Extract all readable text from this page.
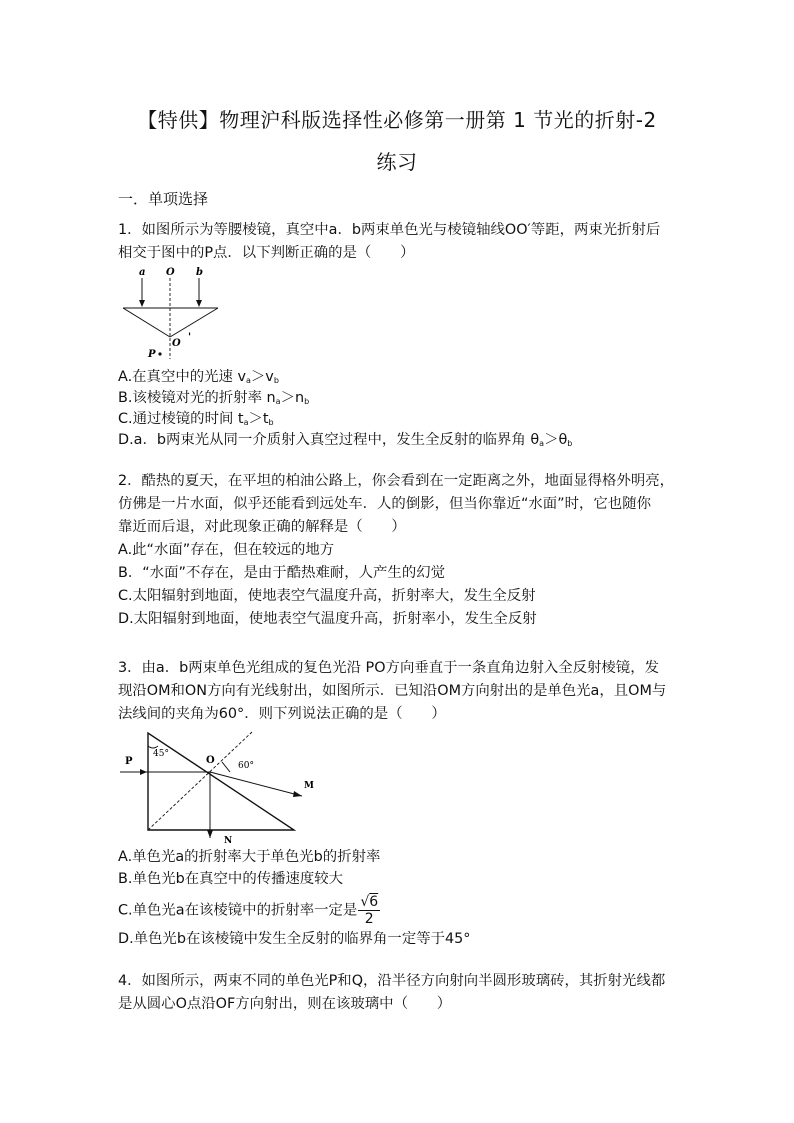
【特供】物理沪科版选择性必修第一册第 1 节光的折射-2
练习
一．单项选择
1．如图所示为等腰棱镜，真空中a．b两束单色光与棱镜轴线OO′等距，两束光折射后
相交于图中的P点．以下判断正确的是（　　）
a O b
O
'
P
A.在真空中的光速 $v_a>v_b$
B.该棱镜对光的折射率 $n_a>n_b$
C.通过棱镜的时间 $t_a>t_b$
D.a．b两束光从同一介质射入真空过程中，发生全反射的临界角 $\theta_a>\theta_b$
2．酷热的夏天，在平坦的柏油公路上，你会看到在一定距离之外，地面显得格外明亮，
仿佛是一片水面，似乎还能看到远处车．人的倒影，但当你靠近“水面”时，它也随你
靠近而后退，对此现象正确的解释是（　　）
A.此“水面”存在，但在较远的地方
B．“水面”不存在，是由于酷热难耐，人产生的幻觉
C.太阳辐射到地面，使地表空气温度升高，折射率大，发生全反射
D.太阳辐射到地面，使地表空气温度升高，折射率小，发生全反射
3．由a．b两束单色光组成的复色光沿 PO方向垂直于一条直角边射入全反射棱镜，发
现沿OM和ON方向有光线射出，如图所示．已知沿OM方向射出的是单色光a，且OM与
法线间的夹角为60°．则下列说法正确的是（　　）
P
45°
O	60°
M
N
A.单色光a的折射率大于单色光b的折射率
B.单色光b在真空中的传播速度较大
C.单色光a在该棱镜中的折射率一定是 $\frac{√6}{2}$
D.单色光b在该棱镜中发生全反射的临界角一定等于45°
4．如图所示，两束不同的单色光P和Q，沿半径方向射向半圆形玻璃砖，其折射光线都
是从圆心O点沿OF方向射出，则在该玻璃中（　　）
